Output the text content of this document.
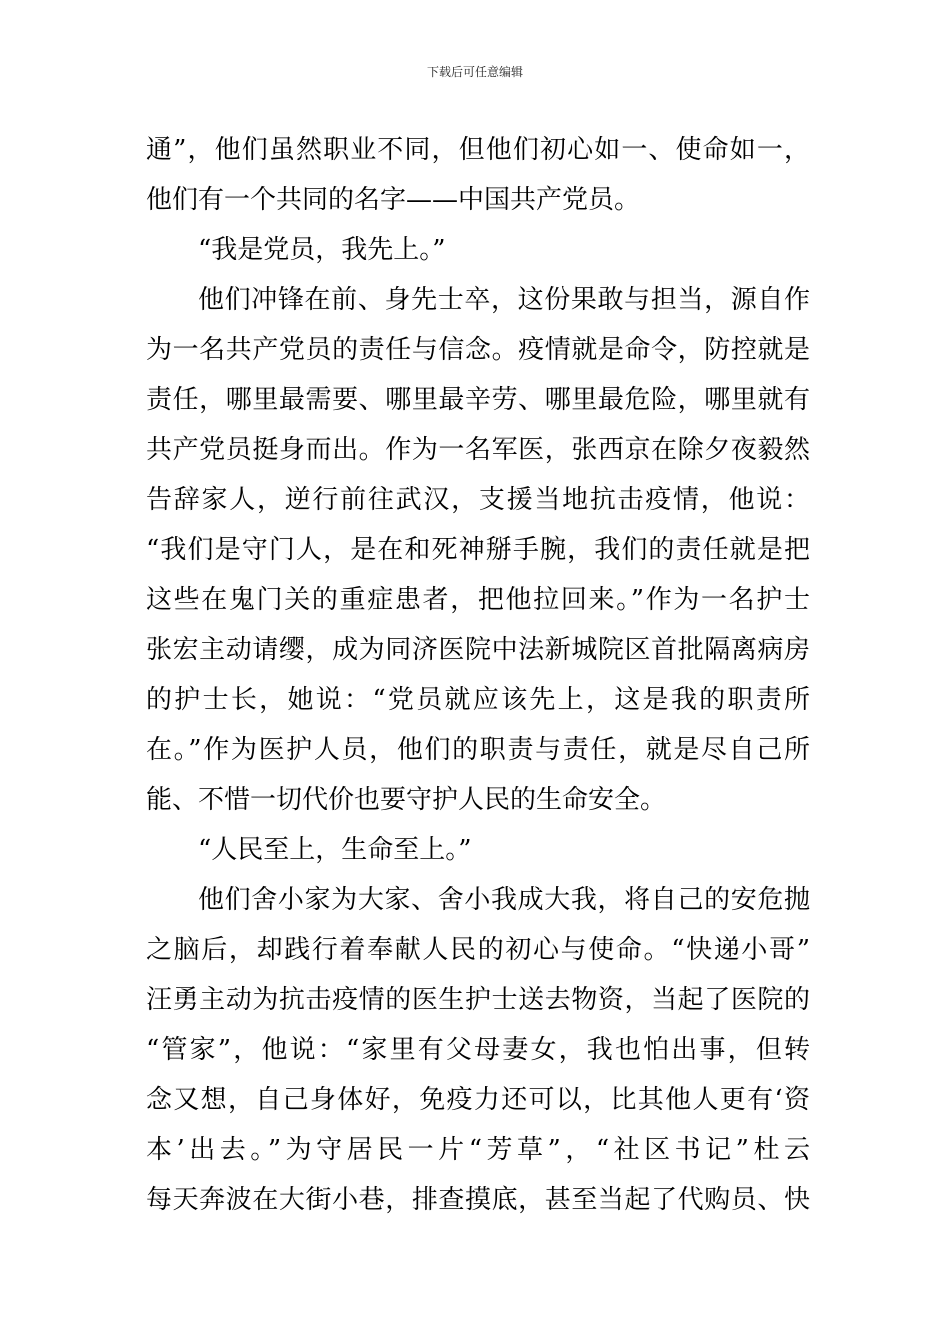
下载后可任意编辑
通”，他们虽然职业不同，但他们初心如一、使命如一，
他们有一个共同的名字——中国共产党员。
“我是党员，我先上。”
他们冲锋在前、身先士卒，这份果敢与担当，源自作
为一名共产党员的责任与信念。疫情就是命令，防控就是
责任，哪里最需要、哪里最辛劳、哪里最危险，哪里就有
共产党员挺身而出。作为一名军医，张西京在除夕夜毅然
告辞家人，逆行前往武汉，支援当地抗击疫情，他说：
“我们是守门人，是在和死神掰手腕，我们的责任就是把
这些在鬼门关的重症患者，把他拉回来。”作为一名护士
张宏主动请缨，成为同济医院中法新城院区首批隔离病房
的护士长，她说：“党员就应该先上，这是我的职责所
在。”作为医护人员，他们的职责与责任，就是尽自己所
能、不惜一切代价也要守护人民的生命安全。
“人民至上，生命至上。”
他们舍小家为大家、舍小我成大我，将自己的安危抛
之脑后，却践行着奉献人民的初心与使命。“快递小哥”
汪勇主动为抗击疫情的医生护士送去物资，当起了医院的
“管家”，他说：“家里有父母妻女，我也怕出事，但转
念又想，自己身体好，免疫力还可以，比其他人更有‘资
本’出去。”为守居民一片“芳草”，“社区书记”杜云
每天奔波在大街小巷，排查摸底，甚至当起了代购员、快
